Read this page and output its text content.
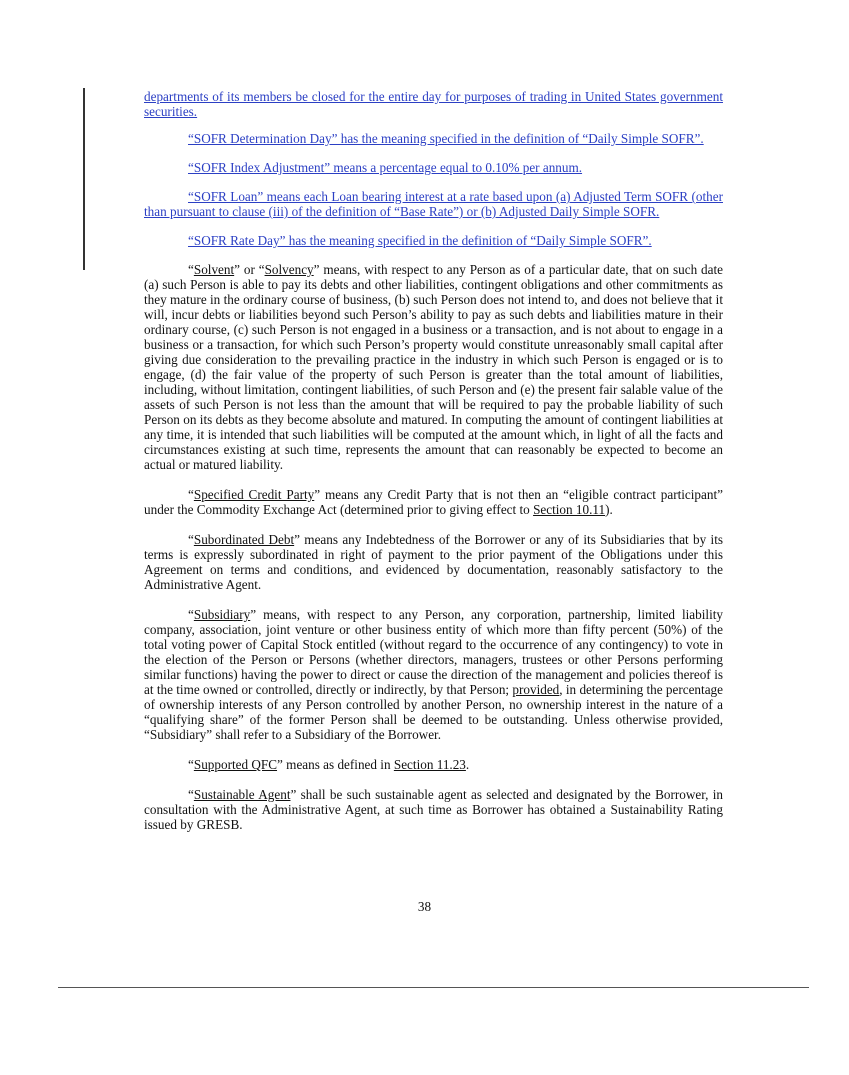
departments of its members be closed for the entire day for purposes of trading in United States government securities.

“SOFR Determination Day” has the meaning specified in the definition of “Daily Simple SOFR”.

“SOFR Index Adjustment” means a percentage equal to 0.10% per annum.

“SOFR Loan” means each Loan bearing interest at a rate based upon (a) Adjusted Term SOFR (other than pursuant to clause (iii) of the definition of “Base Rate”) or (b) Adjusted Daily Simple SOFR.

“SOFR Rate Day” has the meaning specified in the definition of “Daily Simple SOFR”.

“Solvent” or “Solvency” means, with respect to any Person as of a particular date, that on such date (a) such Person is able to pay its debts and other liabilities, contingent obligations and other commitments as they mature in the ordinary course of business, (b) such Person does not intend to, and does not believe that it will, incur debts or liabilities beyond such Person’s ability to pay as such debts and liabilities mature in their ordinary course, (c) such Person is not engaged in a business or a transaction, and is not about to engage in a business or a transaction, for which such Person’s property would constitute unreasonably small capital after giving due consideration to the prevailing practice in the industry in which such Person is engaged or is to engage, (d) the fair value of the property of such Person is greater than the total amount of liabilities, including, without limitation, contingent liabilities, of such Person and (e) the present fair salable value of the assets of such Person is not less than the amount that will be required to pay the probable liability of such Person on its debts as they become absolute and matured. In computing the amount of contingent liabilities at any time, it is intended that such liabilities will be computed at the amount which, in light of all the facts and circumstances existing at such time, represents the amount that can reasonably be expected to become an actual or matured liability.

“Specified Credit Party” means any Credit Party that is not then an “eligible contract participant” under the Commodity Exchange Act (determined prior to giving effect to Section 10.11).

“Subordinated Debt” means any Indebtedness of the Borrower or any of its Subsidiaries that by its terms is expressly subordinated in right of payment to the prior payment of the Obligations under this Agreement on terms and conditions, and evidenced by documentation, reasonably satisfactory to the Administrative Agent.

“Subsidiary” means, with respect to any Person, any corporation, partnership, limited liability company, association, joint venture or other business entity of which more than fifty percent (50%) of the total voting power of Capital Stock entitled (without regard to the occurrence of any contingency) to vote in the election of the Person or Persons (whether directors, managers, trustees or other Persons performing similar functions) having the power to direct or cause the direction of the management and policies thereof is at the time owned or controlled, directly or indirectly, by that Person; provided, in determining the percentage of ownership interests of any Person controlled by another Person, no ownership interest in the nature of a “qualifying share” of the former Person shall be deemed to be outstanding. Unless otherwise provided, “Subsidiary” shall refer to a Subsidiary of the Borrower.

“Supported QFC” means as defined in Section 11.23.

“Sustainable Agent” shall be such sustainable agent as selected and designated by the Borrower, in consultation with the Administrative Agent, at such time as Borrower has obtained a Sustainability Rating issued by GRESB.

38
